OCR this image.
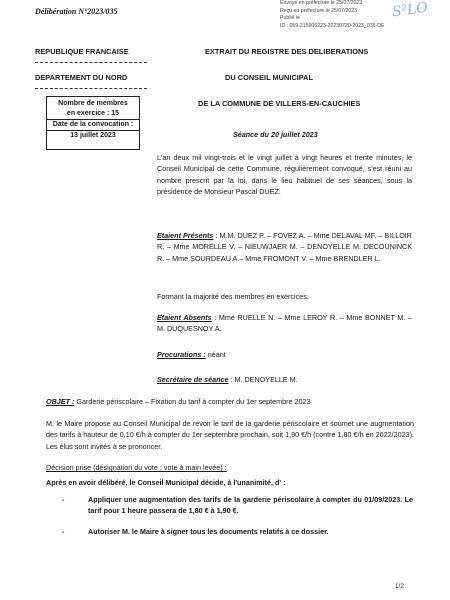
Délibération N°2023/035
Envoyé en préfecture le 25/07/2023
Reçu en préfecture le 25/07/2023
Publié le
ID : 059-215906223-20230720-2023_035-DE
S²LO
REPUBLIQUE FRANCAISE	EXTRAIT DU REGISTRE DES DELIBERATIONS
DEPARTEMENT DU NORD	DU CONSEIL MUNICIPAL
Nombre de membres
en exercice : 15
Date de la convocation :
13 juillet 2023
DE LA COMMUNE DE VILLERS-EN-CAUCHIES
Séance du 20 juillet 2023
L'an deux mil vingt-trois et le vingt juillet à vingt heures et trente minutes, le Conseil Municipal de cette Commune, régulièrement convoqué, s'est réuni au nombre prescrit par la loi, dans le lieu habituel de ses séances, sous la présidence de Monsieur Pascal DUEZ.
Etaient Présents : M.M. DUEZ P. – FOVEZ A. – Mme DELAVAL MF. – BILLOIR R. – Mme MORELLE V. – NIEUWJAER M. – DENOYELLE M. DECOUNINCK R. – Mme SOURDEAU A.– Mme FROMONT V. – Mme BRENDLER L.
Formant la majorité des membres en exercices.
Etaient Absents : Mme RUELLE N. – Mme LEROY R. – Mme BONNET M. – M. DUQUESNOY A.
Procurations : néant
Secrétaire de séance : M. DENOYELLE M.
OBJET : Garderie périscolaire – Fixation du tarif à compter du 1er septembre 2023
M. le Maire propose au Conseil Municipal de revoir le tarif de la garderie périscolaire et soumet une augmentation des tarifs à hauteur de 0,10 €/h à compter du 1er septembre prochain, soit 1,90 €/h (contre 1,80 €/h en 2022/2023). Les élus sont invités à se prononcer.
Décision prise (désignation du vote : vote à main levée) :
Après en avoir délibéré, le Conseil Municipal décide, à l'unanimité, d' :
-	Appliquer une augmentation des tarifs de la garderie périscolaire à compter du 01/09/2023. Le tarif pour 1 heure passera de 1,80 € à 1,90 €.
-	Autoriser M. le Maire à signer tous les documents relatifs à ce dossier.
1/2
